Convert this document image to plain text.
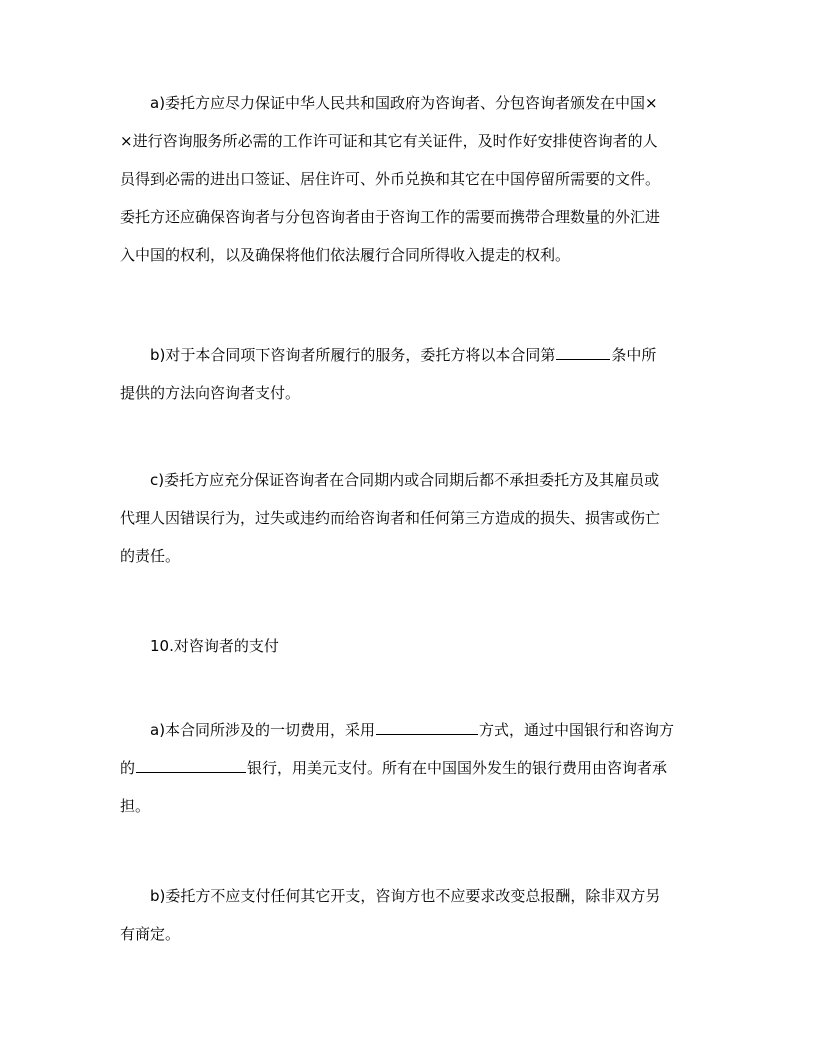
a)委托方应尽力保证中华人民共和国政府为咨询者、分包咨询者颁发在中国×
×进行咨询服务所必需的工作许可证和其它有关证件，及时作好安排使咨询者的人
员得到必需的进出口签证、居住许可、外币兑换和其它在中国停留所需要的文件。
委托方还应确保咨询者与分包咨询者由于咨询工作的需要而携带合理数量的外汇进
入中国的权利，以及确保将他们依法履行合同所得收入提走的权利。
b)对于本合同项下咨询者所履行的服务，委托方将以本合同第	条中所
提供的方法向咨询者支付。
c)委托方应充分保证咨询者在合同期内或合同期后都不承担委托方及其雇员或
代理人因错误行为，过失或违约而给咨询者和任何第三方造成的损失、损害或伤亡
的责任。
10.对咨询者的支付
a)本合同所涉及的一切费用，采用	方式，通过中国银行和咨询方
的	银行，用美元支付。所有在中国国外发生的银行费用由咨询者承
担。
b)委托方不应支付任何其它开支，咨询方也不应要求改变总报酬，除非双方另
有商定。
